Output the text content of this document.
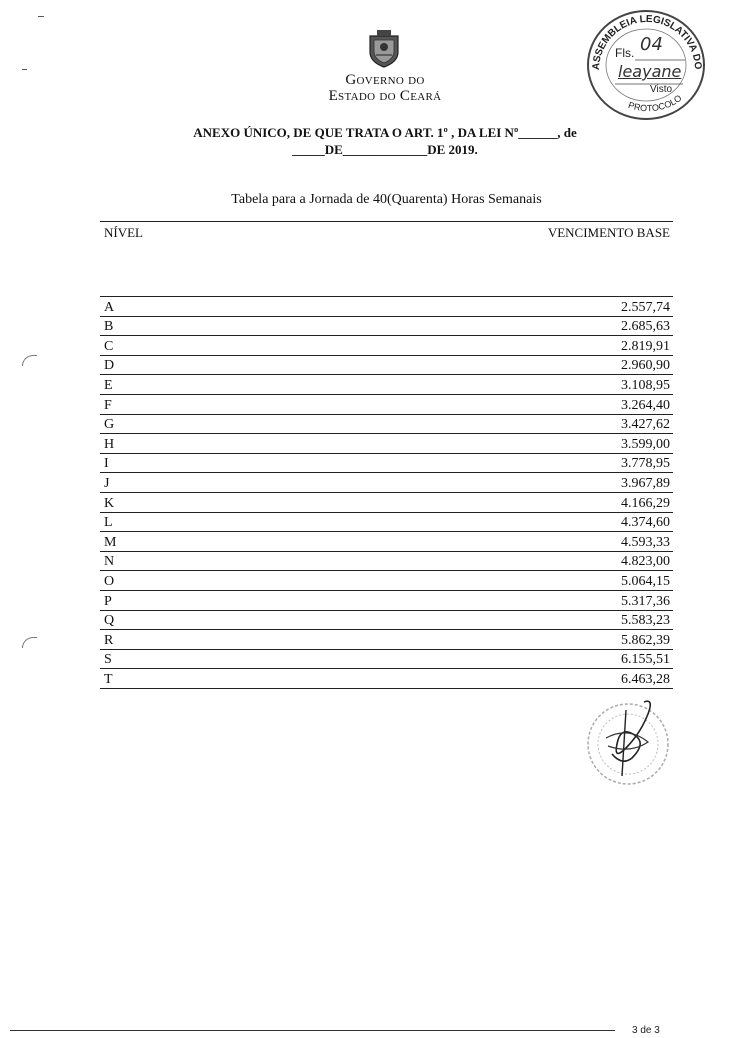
Governo do
Estado do Ceará
ASSEMBLEIA LEGISLATIVA DO
PROTOCOLO
Fls. 04
leayane
Visto
ANEXO ÚNICO, DE QUE TRATA O ART. 1º , DA LEI Nº______, de
_____DE_____________DE 2019.
Tabela para a Jornada de 40(Quarenta) Horas Semanais
NÍVEL	VENCIMENTO BASE
A	2.557,74
B	2.685,63
C	2.819,91
D	2.960,90
E	3.108,95
F	3.264,40
G	3.427,62
H	3.599,00
I	3.778,95
J	3.967,89
K	4.166,29
L	4.374,60
M	4.593,33
N	4.823,00
O	5.064,15
P	5.317,36
Q	5.583,23
R	5.862,39
S	6.155,51
T	6.463,28
3 de 3
